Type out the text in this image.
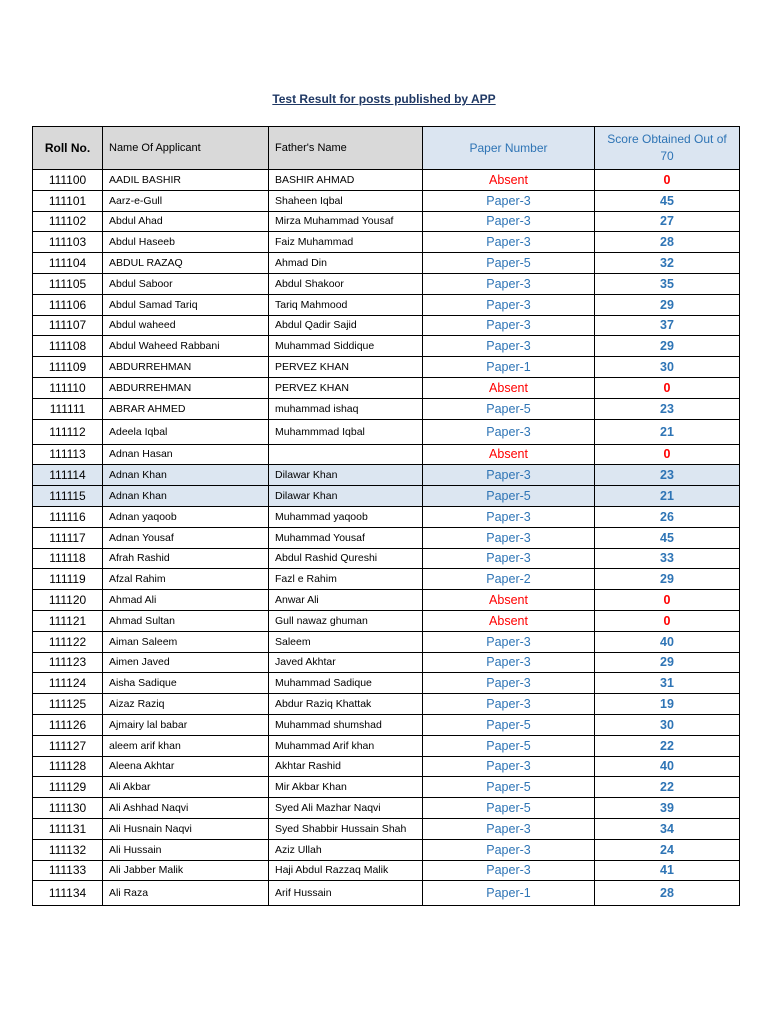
Test Result for posts published by APP
Roll No.	Name Of Applicant	Father's Name	Paper Number	Score Obtained Out of 70
111100	AADIL BASHIR	BASHIR AHMAD	Absent	0
111101	Aarz-e-Gull	Shaheen Iqbal	Paper-3	45
111102	Abdul Ahad	Mirza Muhammad Yousaf	Paper-3	27
111103	Abdul Haseeb	Faiz Muhammad	Paper-3	28
111104	ABDUL RAZAQ	Ahmad Din	Paper-5	32
111105	Abdul Saboor	Abdul Shakoor	Paper-3	35
111106	Abdul Samad Tariq	Tariq Mahmood	Paper-3	29
111107	Abdul waheed	Abdul Qadir Sajid	Paper-3	37
111108	Abdul Waheed Rabbani	Muhammad Siddique	Paper-3	29
111109	ABDURREHMAN	PERVEZ KHAN	Paper-1	30
111110	ABDURREHMAN	PERVEZ KHAN	Absent	0
111111	ABRAR AHMED	muhammad ishaq	Paper-5	23
111112	Adeela Iqbal	Muhammmad Iqbal	Paper-3	21
111113	Adnan Hasan		Absent	0
111114	Adnan Khan	Dilawar Khan	Paper-3	23
111115	Adnan Khan	Dilawar Khan	Paper-5	21
111116	Adnan yaqoob	Muhammad yaqoob	Paper-3	26
111117	Adnan Yousaf	Muhammad Yousaf	Paper-3	45
111118	Afrah Rashid	Abdul Rashid Qureshi	Paper-3	33
111119	Afzal Rahim	Fazl e Rahim	Paper-2	29
111120	Ahmad Ali	Anwar Ali	Absent	0
111121	Ahmad Sultan	Gull nawaz ghuman	Absent	0
111122	Aiman Saleem	Saleem	Paper-3	40
111123	Aimen Javed	Javed Akhtar	Paper-3	29
111124	Aisha Sadique	Muhammad Sadique	Paper-3	31
111125	Aizaz Raziq	Abdur Raziq Khattak	Paper-3	19
111126	Ajmairy lal babar	Muhammad shumshad	Paper-5	30
111127	aleem arif khan	Muhammad Arif khan	Paper-5	22
111128	Aleena Akhtar	Akhtar Rashid	Paper-3	40
111129	Ali Akbar	Mir Akbar Khan	Paper-5	22
111130	Ali Ashhad Naqvi	Syed Ali Mazhar Naqvi	Paper-5	39
111131	Ali Husnain Naqvi	Syed Shabbir Hussain Shah	Paper-3	34
111132	Ali Hussain	Aziz Ullah	Paper-3	24
111133	Ali Jabber Malik	Haji Abdul Razzaq Malik	Paper-3	41
111134	Ali Raza	Arif Hussain	Paper-1	28
